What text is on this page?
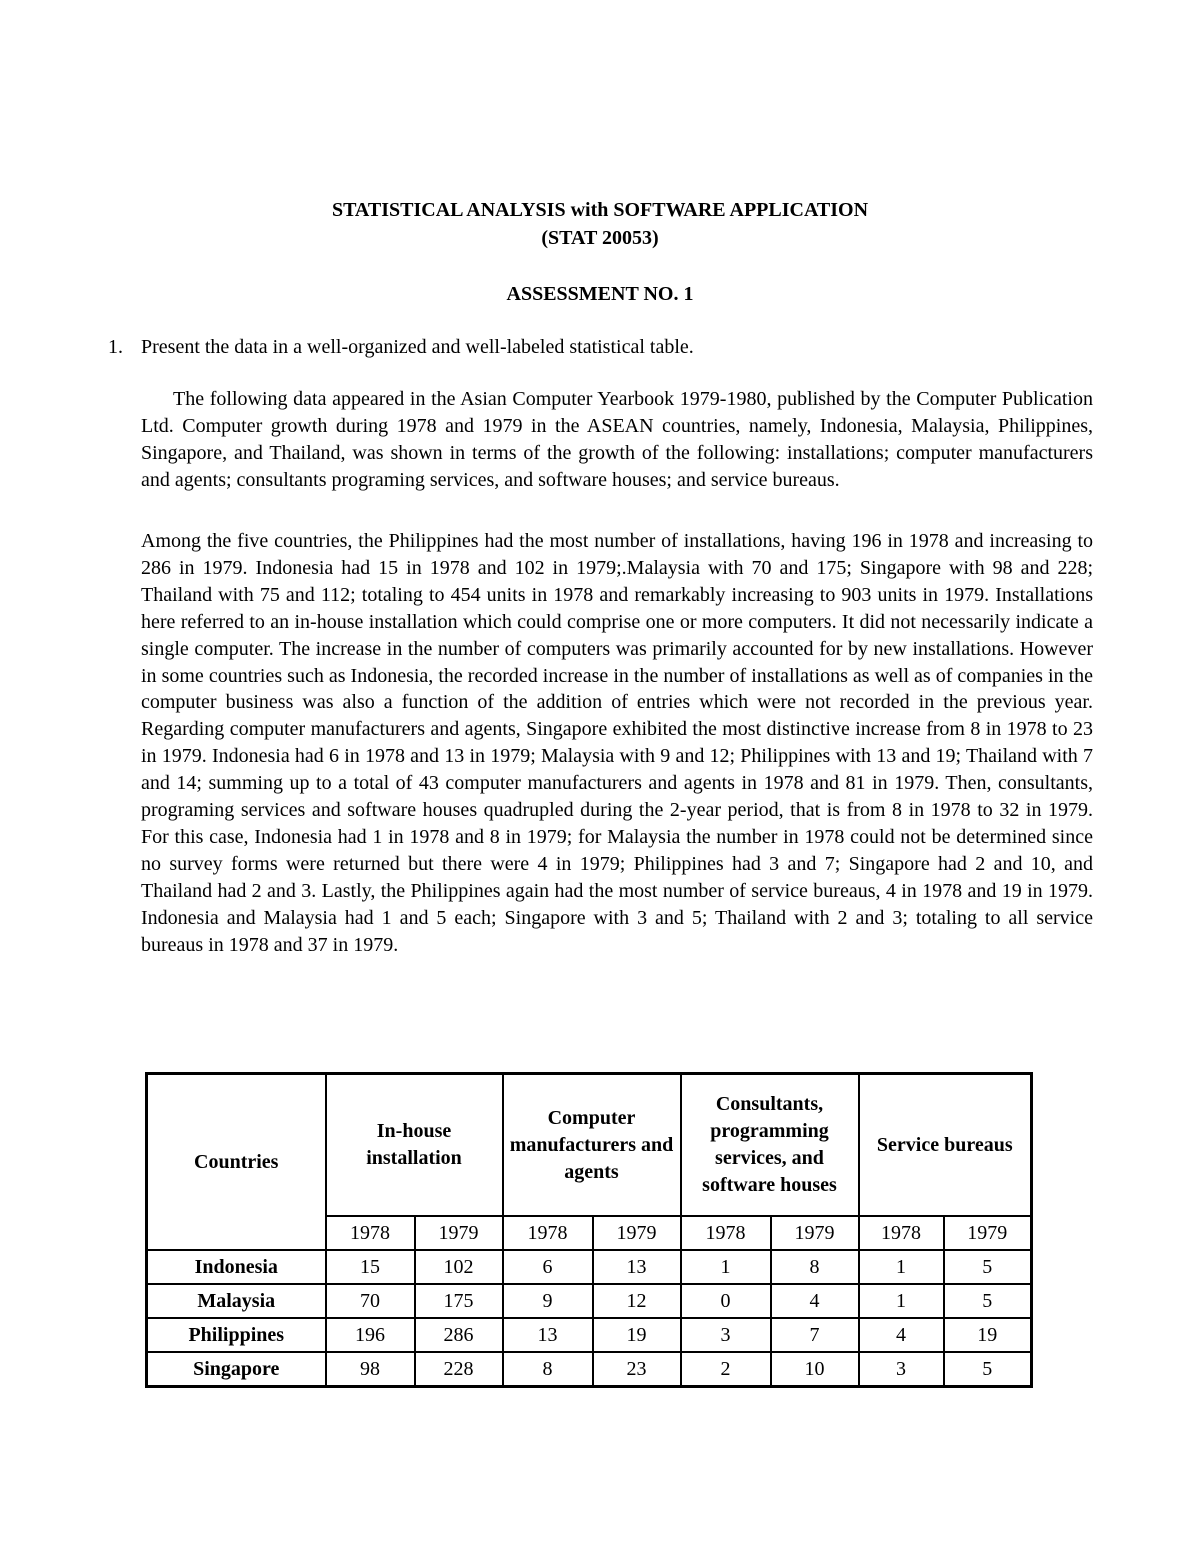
STATISTICAL ANALYSIS with SOFTWARE APPLICATION
(STAT 20053)
ASSESSMENT NO. 1
1. Present the data in a well-organized and well-labeled statistical table.

The following data appeared in the Asian Computer Yearbook 1979-1980, published by the Computer Publication Ltd. Computer growth during 1978 and 1979 in the ASEAN countries, namely, Indonesia, Malaysia, Philippines, Singapore, and Thailand, was shown in terms of the growth of the following: installations; computer manufacturers and agents; consultants programing services, and software houses; and service bureaus.

Among the five countries, the Philippines had the most number of installations, having 196 in 1978 and increasing to 286 in 1979. Indonesia had 15 in 1978 and 102 in 1979;.Malaysia with 70 and 175; Singapore with 98 and 228; Thailand with 75 and 112; totaling to 454 units in 1978 and remarkably increasing to 903 units in 1979. Installations here referred to an in-house installation which could comprise one or more computers. It did not necessarily indicate a single computer. The increase in the number of computers was primarily accounted for by new installations. However in some countries such as Indonesia, the recorded increase in the number of installations as well as of companies in the computer business was also a function of the addition of entries which were not recorded in the previous year. Regarding computer manufacturers and agents, Singapore exhibited the most distinctive increase from 8 in 1978 to 23 in 1979. Indonesia had 6 in 1978 and 13 in 1979; Malaysia with 9 and 12; Philippines with 13 and 19; Thailand with 7 and 14; summing up to a total of 43 computer manufacturers and agents in 1978 and 81 in 1979. Then, consultants, programing services and software houses quadrupled during the 2-year period, that is from 8 in 1978 to 32 in 1979. For this case, Indonesia had 1 in 1978 and 8 in 1979; for Malaysia the number in 1978 could not be determined since no survey forms were returned but there were 4 in 1979; Philippines had 3 and 7; Singapore had 2 and 10, and Thailand had 2 and 3. Lastly, the Philippines again had the most number of service bureaus, 4 in 1978 and 19 in 1979. Indonesia and Malaysia had 1 and 5 each; Singapore with 3 and 5; Thailand with 2 and 3; totaling to all service bureaus in 1978 and 37 in 1979.

Countries	In-house installation		Computer manufacturers and agents		Consultants, programming services, and software houses		Service bureaus	
	1978	1979	1978	1979	1978	1979	1978	1979
Indonesia	15	102	6	13	1	8	1	5
Malaysia	70	175	9	12	0	4	1	5
Philippines	196	286	13	19	3	7	4	19
Singapore	98	228	8	23	2	10	3	5
